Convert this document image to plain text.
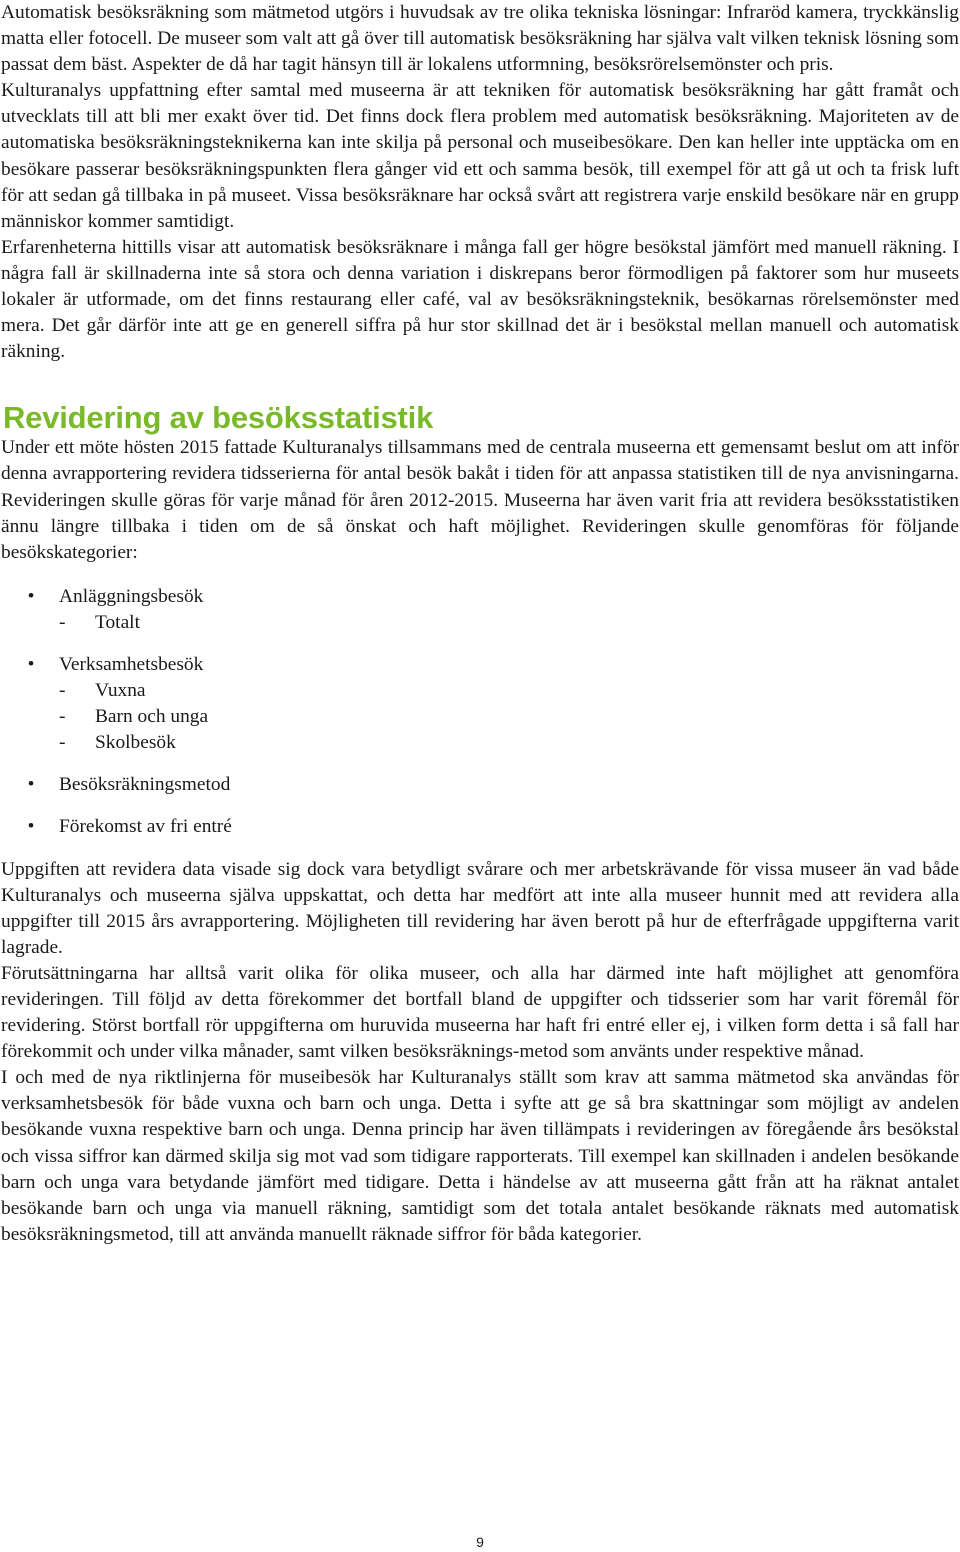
Automatisk besöksräkning som mätmetod utgörs i huvudsak av tre olika tekniska lösningar: Infraröd kamera, tryckkänslig matta eller fotocell. De museer som valt att gå över till automatisk besöksräkning har själva valt vilken teknisk lösning som passat dem bäst. Aspekter de då har tagit hänsyn till är lokalens utformning, besöksrörelsemönster och pris.

Kulturanalys uppfattning efter samtal med museerna är att tekniken för automatisk besöksräkning har gått framåt och utvecklats till att bli mer exakt över tid. Det finns dock flera problem med automatisk besöksräkning. Majoriteten av de automatiska besöksräkningsteknikerna kan inte skilja på personal och museibesökare. Den kan heller inte upptäcka om en besökare passerar besöksräkningspunkten flera gånger vid ett och samma besök, till exempel för att gå ut och ta frisk luft för att sedan gå tillbaka in på museet. Vissa besöksräknare har också svårt att registrera varje enskild besökare när en grupp människor kommer samtidigt.

Erfarenheterna hittills visar att automatisk besöksräknare i många fall ger högre besökstal jämfört med manuell räkning. I några fall är skillnaderna inte så stora och denna variation i diskrepans beror förmodligen på faktorer som hur museets lokaler är utformade, om det finns restaurang eller café, val av besöksräkningsteknik, besökarnas rörelsemönster med mera. Det går därför inte att ge en generell siffra på hur stor skillnad det är i besökstal mellan manuell och automatisk räkning.

Revidering av besöksstatistik

Under ett möte hösten 2015 fattade Kulturanalys tillsammans med de centrala museerna ett gemensamt beslut om att inför denna avrapportering revidera tidsserierna för antal besök bakåt i tiden för att anpassa statistiken till de nya anvisningarna. Revideringen skulle göras för varje månad för åren 2012-2015. Museerna har även varit fria att revidera besöksstatistiken ännu längre tillbaka i tiden om de så önskat och haft möjlighet. Revideringen skulle genomföras för följande besökskategorier:

• Anläggningsbesök
- Totalt
• Verksamhetsbesök
- Vuxna
- Barn och unga
- Skolbesök
• Besöksräkningsmetod
• Förekomst av fri entré

Uppgiften att revidera data visade sig dock vara betydligt svårare och mer arbetskrävande för vissa museer än vad både Kulturanalys och museerna själva uppskattat, och detta har medfört att inte alla museer hunnit med att revidera alla uppgifter till 2015 års avrapportering. Möjligheten till revidering har även berott på hur de efterfrågade uppgifterna varit lagrade.

Förutsättningarna har alltså varit olika för olika museer, och alla har därmed inte haft möjlighet att genomföra revideringen. Till följd av detta förekommer det bortfall bland de uppgifter och tidsserier som har varit föremål för revidering. Störst bortfall rör uppgifterna om huruvida museerna har haft fri entré eller ej, i vilken form detta i så fall har förekommit och under vilka månader, samt vilken besöksräknings-metod som använts under respektive månad.

I och med de nya riktlinjerna för museibesök har Kulturanalys ställt som krav att samma mätmetod ska användas för verksamhetsbesök för både vuxna och barn och unga. Detta i syfte att ge så bra skattningar som möjligt av andelen besökande vuxna respektive barn och unga. Denna princip har även tillämpats i revideringen av föregående års besökstal och vissa siffror kan därmed skilja sig mot vad som tidigare rapporterats. Till exempel kan skillnaden i andelen besökande barn och unga vara betydande jämfört med tidigare. Detta i händelse av att museerna gått från att ha räknat antalet besökande barn och unga via manuell räkning, samtidigt som det totala antalet besökande räknats med automatisk besöksräkningsmetod, till att använda manuellt räknade siffror för båda kategorier.

9
